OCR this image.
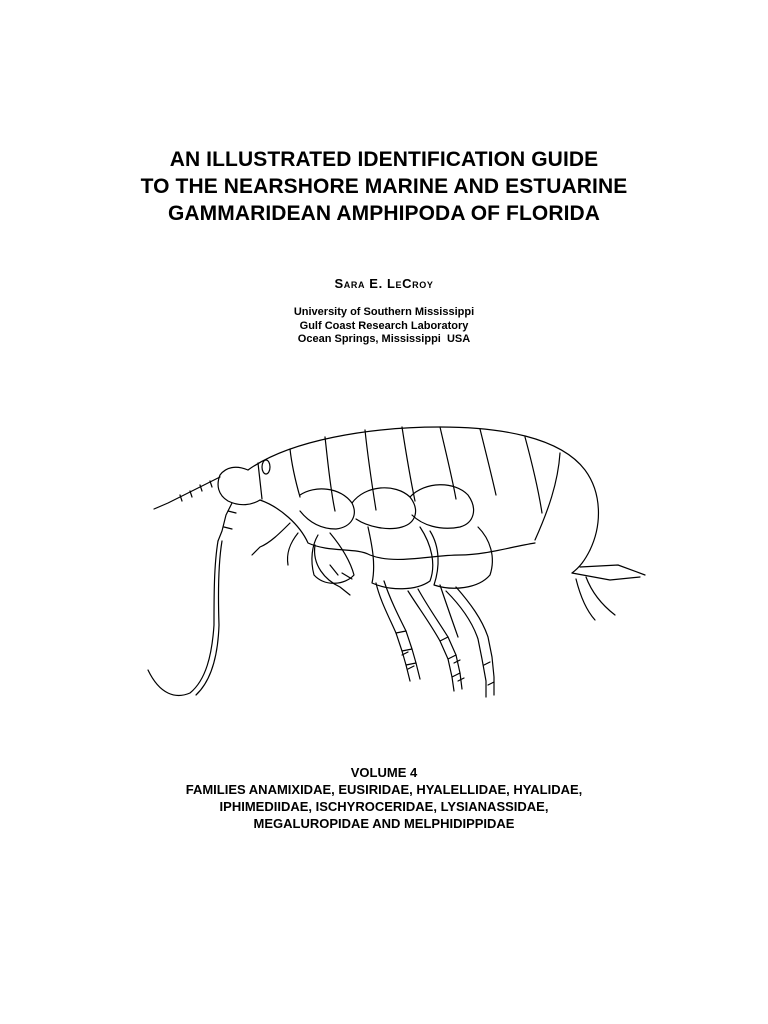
AN ILLUSTRATED IDENTIFICATION GUIDE
TO THE NEARSHORE MARINE AND ESTUARINE
GAMMARIDEAN AMPHIPODA OF FLORIDA
Sara E. LeCroy
University of Southern Mississippi
Gulf Coast Research Laboratory
Ocean Springs, Mississippi  USA
VOLUME 4
FAMILIES ANAMIXIDAE, EUSIRIDAE, HYALELLIDAE, HYALIDAE,
IPHIMEDIIDAE, ISCHYROCERIDAE, LYSIANASSIDAE,
MEGALUROPIDAE AND MELPHIDIPPIDAE
